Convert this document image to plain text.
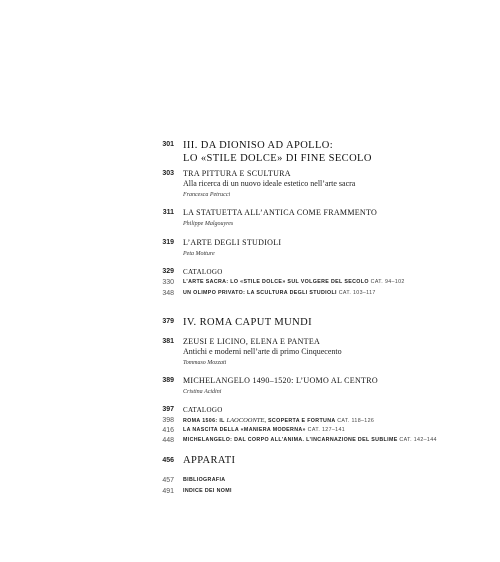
301 III. DA DIONISO AD APOLLO:
LO «STILE DOLCE» DI FINE SECOLO
303 TRA PITTURA E SCULTURA
Alla ricerca di un nuovo ideale estetico nell’arte sacra
Francesca Petrucci
311 LA STATUETTA ALL’ANTICA COME FRAMMENTO
Philippe Malgouyres
319 L’ARTE DEGLI STUDIOLI
Peta Motture
329 CATALOGO
330 L’ARTE SACRA: LO «STILE DOLCE» SUL VOLGERE DEL SECOLO CAT. 94–102
348 UN OLIMPO PRIVATO: LA SCULTURA DEGLI STUDIOLI CAT. 103–117
379 IV. ROMA CAPUT MUNDI
381 ZEUSI E LICINO, ELENA E PANTEA
Antichi e moderni nell’arte di primo Cinquecento
Tommaso Mozzati
389 MICHELANGELO 1490–1520: L’UOMO AL CENTRO
Cristina Acidini
397 CATALOGO
398 ROMA 1506: IL LAOCOONTE, SCOPERTA E FORTUNA CAT. 118–126
416 LA NASCITA DELLA «MANIERA MODERNA» CAT. 127–141
448 MICHELANGELO: DAL CORPO ALL’ANIMA. L’INCARNAZIONE DEL SUBLIME CAT. 142–144
456 APPARATI
457 BIBLIOGRAFIA
491 INDICE DEI NOMI
